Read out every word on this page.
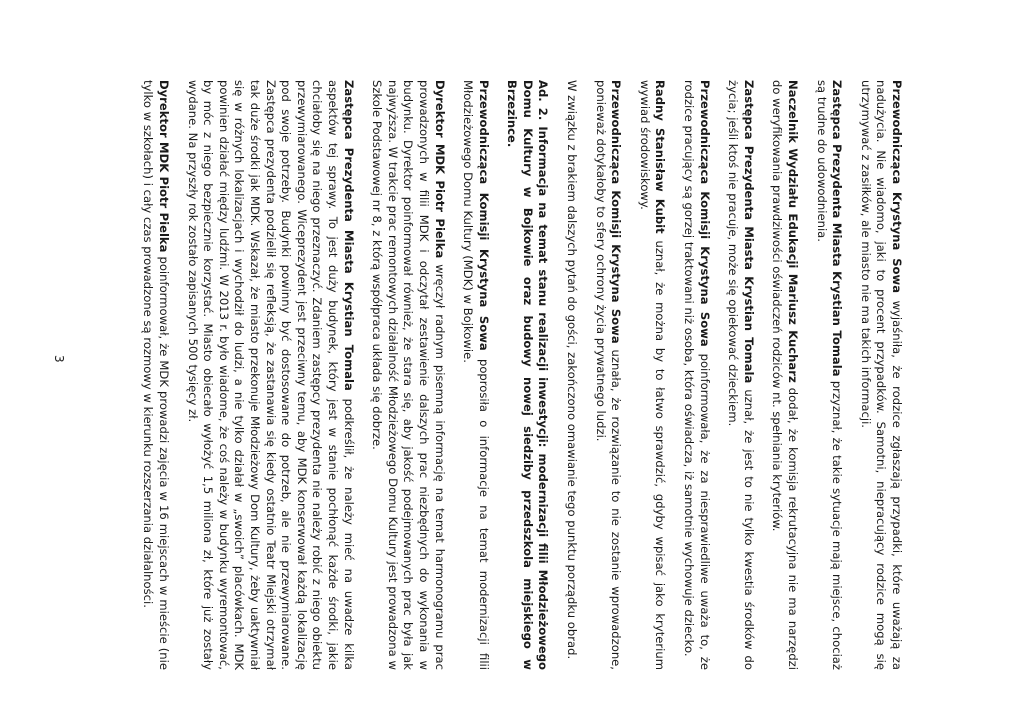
Przewodnicząca Krystyna Sowa wyjaśniła, że rodzice zgłaszają przypadki, które uważają za nadużycia. Nie wiadomo, jaki to procent przypadków. Samotni, niepracujący rodzice mogą się utrzymywać z zasiłków, ale miasto nie ma takich informacji.

Zastępca Prezydenta Miasta Krystian Tomala przyznał, że takie sytuacje mają miejsce, chociaż są trudne do udowodnienia.

Naczelnik Wydziału Edukacji Mariusz Kucharz dodał, że komisja rekrutacyjna nie ma narzędzi do weryfikowania prawdziwości oświadczeń rodziców nt. spełniania kryteriów.

Zastępca Prezydenta Miasta Krystian Tomala uznał, że jest to nie tylko kwestia środków do życia; jeśli ktoś nie pracuje, może się opiekować dzieckiem.

Przewodnicząca Komisji Krystyna Sowa poinformowała, że za niesprawiedliwe uważa to, że rodzice pracujący są gorzej traktowani niż osoba, która oświadcza, iż samotnie wychowuje dziecko.

Radny Stanisław Kubit uznał, że można by to łatwo sprawdzić, gdyby wpisać jako kryterium wywiad środowiskowy.

Przewodnicząca Komisji Krystyna Sowa uznała, że rozwiązanie to nie zostanie wprowadzone, ponieważ dotykałoby to sfery ochrony życia prywatnego ludzi.

W związku z brakiem dalszych pytań do gości, zakończono omawianie tego punktu porządku obrad.

Ad. 2. Informacja na temat stanu realizacji inwestycji: modernizacji filii Młodzieżowego Domu Kultury w Bojkowie oraz budowy nowej siedziby przedszkola miejskiego w Brzezince.

Przewodnicząca Komisji Krystyna Sowa poprosiła o informacje na temat modernizacji filii Młodzieżowego Domu Kultury (MDK) w Bojkowie.

Dyrektor MDK Piotr Pielka wręczył radnym pisemną informację na temat harmonogramu prac prowadzonych w filii MDK i odczytał zestawienie dalszych prac niezbędnych do wykonania w budynku. Dyrektor poinformował również, że stara się, aby jakość podejmowanych prac była jak najwyższa. W trakcie prac remontowych działalność Młodzieżowego Domu Kultury jest prowadzona w Szkole Podstawowej nr 8, z którą współpraca układa się dobrze.

Zastępca Prezydenta Miasta Krystian Tomala podkreślił, że należy mieć na uwadze kilka aspektów tej sprawy. To jest duży budynek, który jest w stanie pochłonąć każde środki, jakie chciałoby się na niego przeznaczyć. Zdaniem zastępcy prezydenta nie należy robić z niego obiektu przewymiarowanego. Wiceprezydent jest przeciwny temu, aby MDK konserwował każdą lokalizację pod swoje potrzeby. Budynki powinny być dostosowane do potrzeb, ale nie przewymiarowane. Zastępca prezydenta podzielił się refleksją, że zastanawia się kiedy ostatnio Teatr Miejski otrzymał tak duże środki jak MDK. Wskazał, że miasto przekonuje Młodzieżowy Dom Kultury, żeby uaktywniał się w różnych lokalizacjach i wychodził do ludzi, a nie tylko działał w „swoich” placówkach. MDK powinien działać między ludźmi. W 2013 r. było wiadome, że coś należy w budynku wyremontować, by móc z niego bezpiecznie korzystać. Miasto obiecało wyłożyć 1,5 miliona zł, które już zostały wydane. Na przyszły rok zostało zapisanych 500 tysięcy zł.

Dyrektor MDK Piotr Pielka poinformował, że MDK prowadzi zajęcia w 16 miejscach w mieście (nie tylko w szkołach) i cały czas prowadzone są rozmowy w kierunku rozszerzania działalności.

3
